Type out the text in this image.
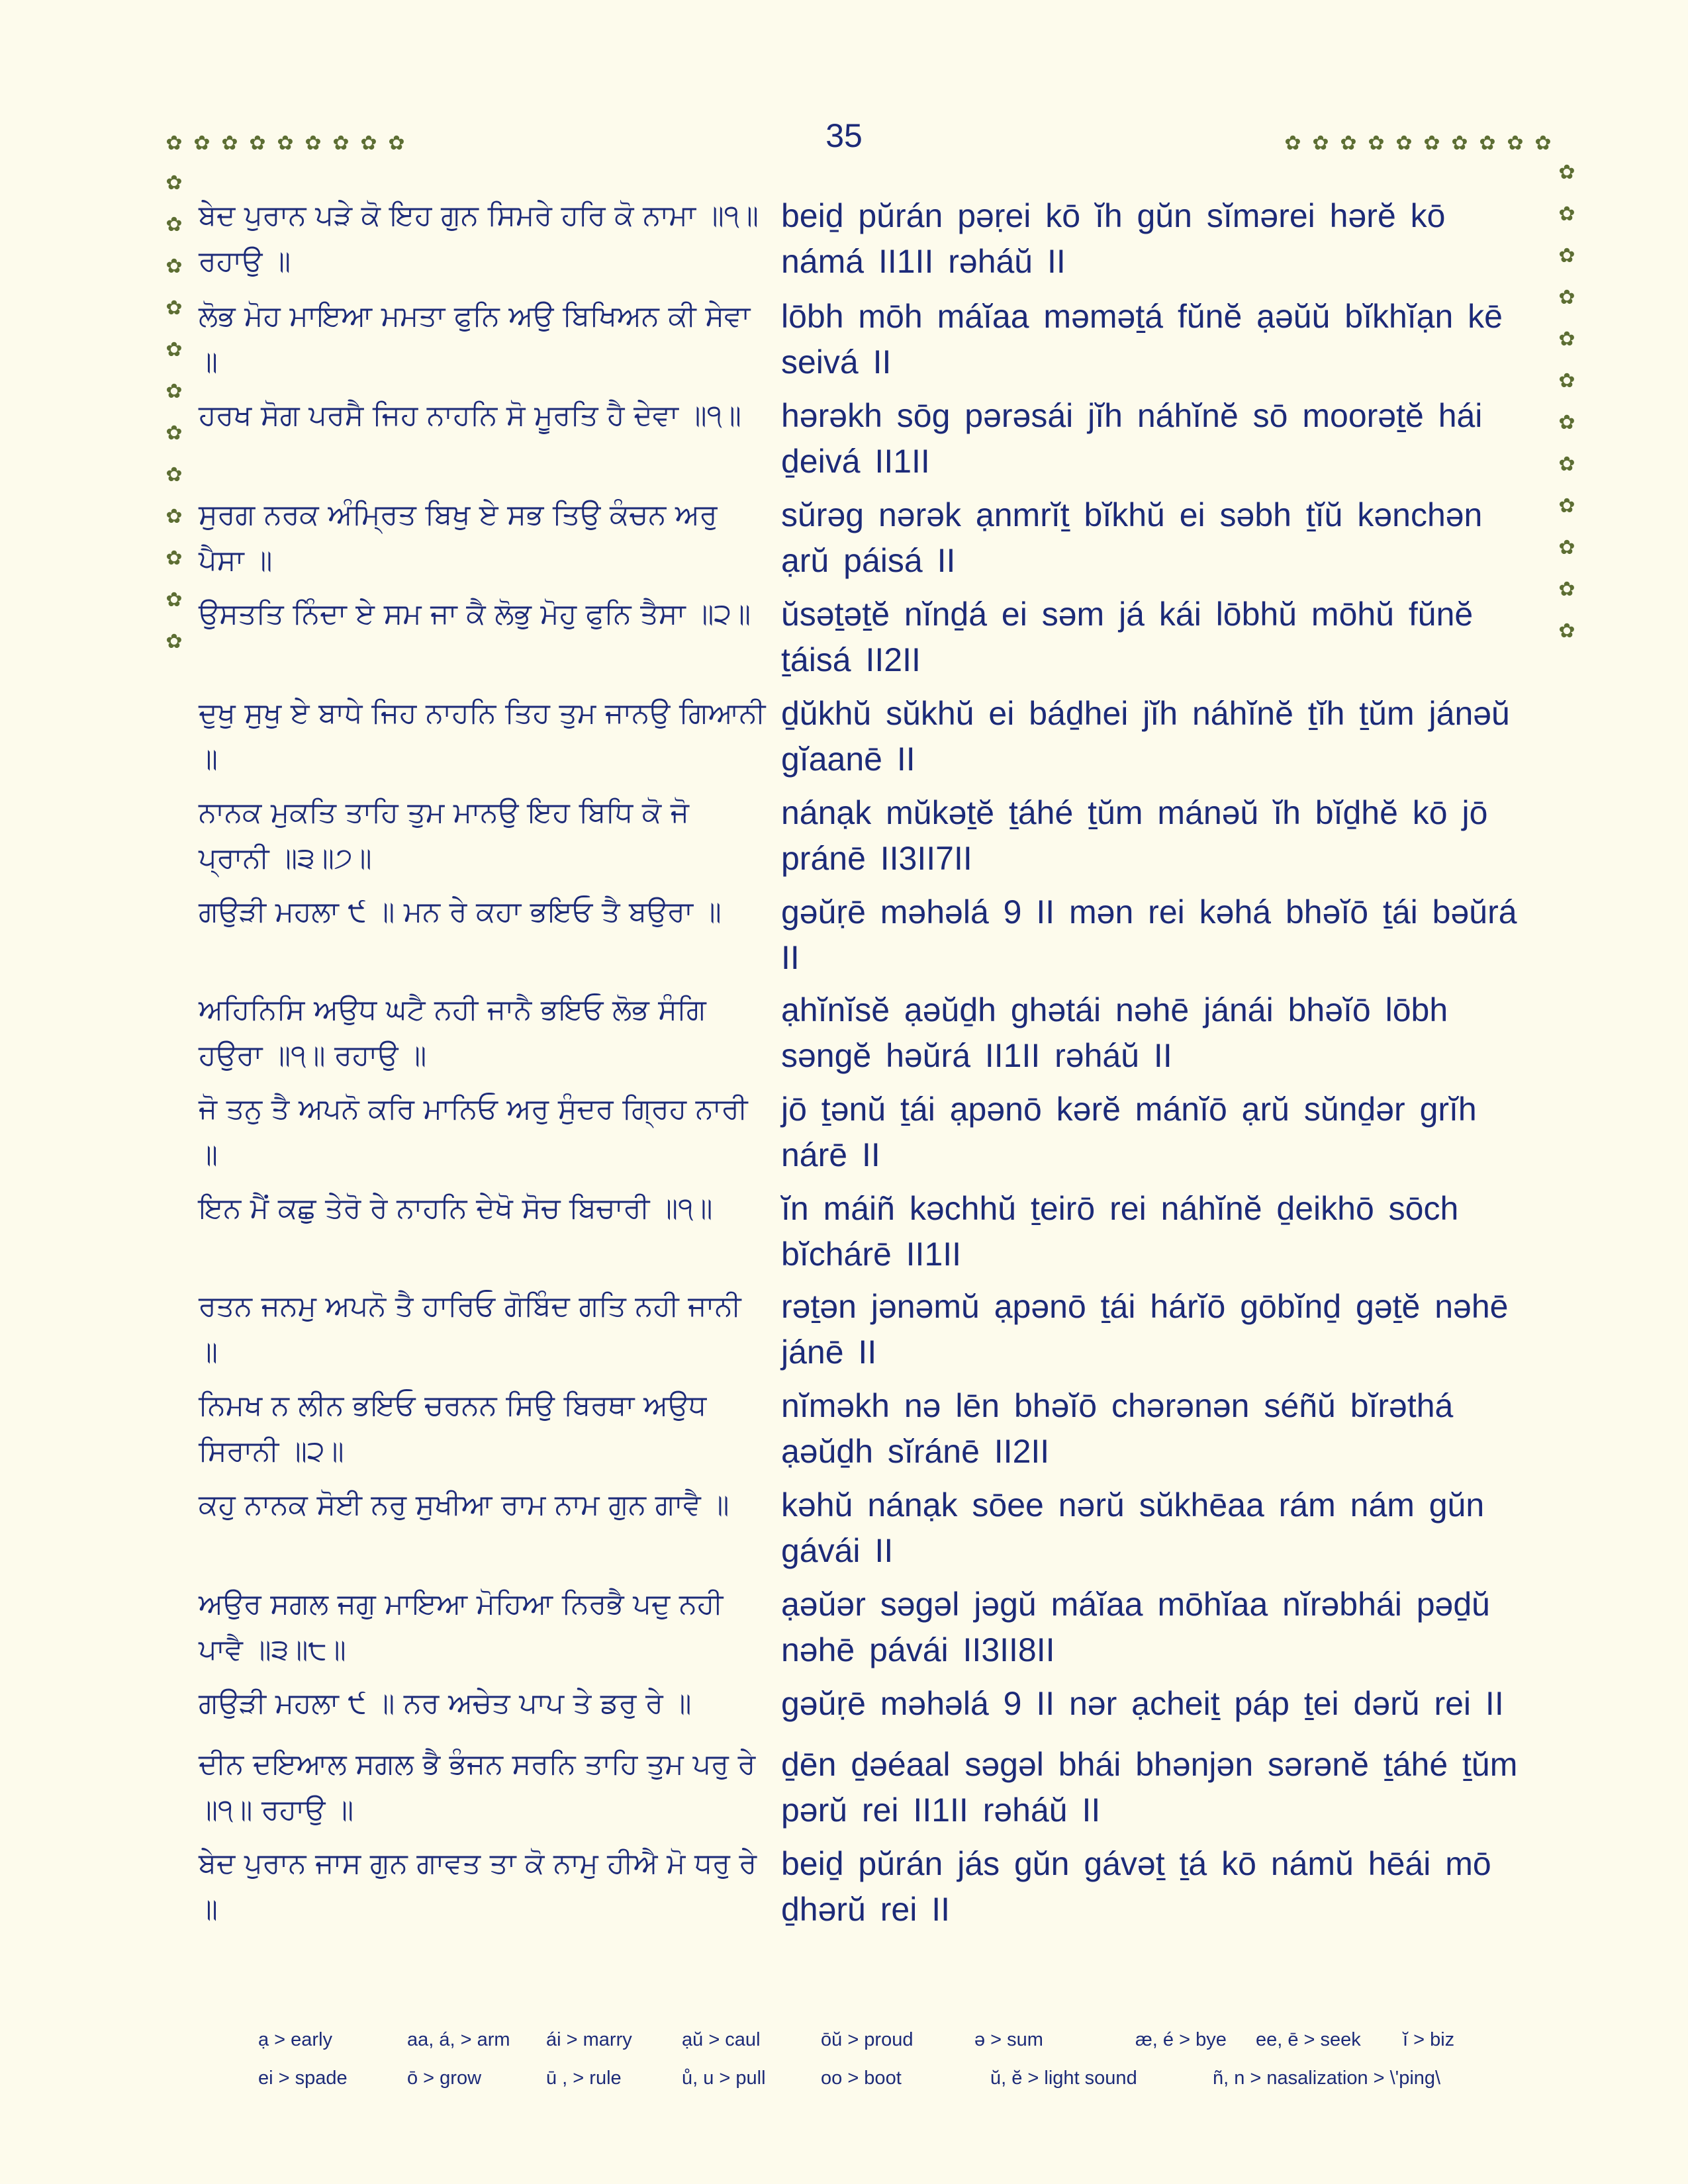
35
✿ ✿ ✿ ✿ ✿ ✿ ✿ ✿ ✿	✿ ✿ ✿ ✿ ✿ ✿ ✿ ✿ ✿ ✿
✿
✿
✿
✿
✿
✿
✿
✿
✿
✿
✿
✿
✿
✿
✿
✿
✿
✿
✿
✿
✿
✿
✿
✿
ਬੇਦ ਪੁਰਾਨ ਪੜੇ ਕੋ ਇਹ ਗੁਨ ਸਿਮਰੇ ਹਰਿ ਕੋ ਨਾਮਾ ॥੧॥ ਰਹਾਉ ॥
beiḏ pŭrán pəṛei kō ĭh gŭn sĭmərei hərĕ kō námá II1II rəháŭ II
ਲੋਭ ਮੋਹ ਮਾਇਆ ਮਮਤਾ ਫੁਨਿ ਅਉ ਬਿਖਿਅਨ ਕੀ ਸੇਵਾ ॥
lōbh mōh máĭaa məməṯá fŭnĕ ạəŭŭ bĭkhĭạn kē seivá II
ਹਰਖ ਸੋਗ ਪਰਸੈ ਜਿਹ ਨਾਹਨਿ ਸੋ ਮੂਰਤਿ ਹੈ ਦੇਵਾ ॥੧॥	hərəkh sōg pərəsái jĭh náhĭnĕ sō moorəṯĕ hái ḏeivá II1II
ਸੁਰਗ ਨਰਕ ਅੰਮ੍ਰਿਤ ਬਿਖੁ ਏ ਸਭ ਤਿਉ ਕੰਚਨ ਅਰੁ ਪੈਸਾ ॥
sŭrəg nərək ạnmrĭṯ bĭkhŭ ei səbh ṯĭŭ kənchən ạrŭ páisá II
ਉਸਤਤਿ ਨਿੰਦਾ ਏ ਸਮ ਜਾ ਕੈ ਲੋਭੁ ਮੋਹੁ ਫੁਨਿ ਤੈਸਾ ॥੨॥ ŭsəṯəṯĕ nĭnḏá ei səm já kái lōbhŭ mōhŭ fŭnĕ ṯáisá II2II
ਦੁਖੁ ਸੁਖੁ ਏ ਬਾਧੇ ਜਿਹ ਨਾਹਨਿ ਤਿਹ ਤੁਮ ਜਾਨਉ ਗਿਆਨੀ ॥
ḏŭkhŭ sŭkhŭ ei báḏhei jĭh náhĭnĕ ṯĭh ṯŭm jánəŭ gĭaanē II
ਨਾਨਕ ਮੁਕਤਿ ਤਾਹਿ ਤੁਮ ਮਾਨਉ ਇਹ ਬਿਧਿ ਕੋ ਜੋ ਪ੍ਰਾਨੀ ॥੩॥੭॥
nánạk mŭkəṯĕ ṯáhé ṯŭm mánəŭ ĭh bĭḏhĕ kō jō pránē II3II7II
ਗਉੜੀ ਮਹਲਾ ੯ ॥ ਮਨ ਰੇ ਕਹਾ ਭਇਓ ਤੈ ਬਉਰਾ ॥	gəŭṛē məhəlá 9 II mən rei kəhá bhəĭō ṯái bəŭrá II
ਅਹਿਨਿਸਿ ਅਉਧ ਘਟੈ ਨਹੀ ਜਾਨੈ ਭਇਓ ਲੋਭ ਸੰਗਿ ਹਉਰਾ ॥੧॥ ਰਹਾਉ ॥
ạhĭnĭsĕ ạəŭḏh ghətái nəhē jánái bhəĭō lōbh səngĕ həŭrá II1II rəháŭ II
ਜੋ ਤਨੁ ਤੈ ਅਪਨੋ ਕਰਿ ਮਾਨਿਓ ਅਰੁ ਸੁੰਦਰ ਗ੍ਰਿਹ ਨਾਰੀ ॥
jō ṯənŭ ṯái ạpənō kərĕ mánĭō ạrŭ sŭnḏər grĭh nárē II
ਇਨ ਮੈਂ ਕਛੁ ਤੇਰੋ ਰੇ ਨਾਹਨਿ ਦੇਖੋ ਸੋਚ ਬਿਚਾਰੀ ॥੧॥	ĭn máiñ kəchhŭ ṯeirō rei náhĭnĕ ḏeikhō sōch bĭchárē II1II
ਰਤਨ ਜਨਮੁ ਅਪਨੋ ਤੈ ਹਾਰਿਓ ਗੋਬਿੰਦ ਗਤਿ ਨਹੀ ਜਾਨੀ ॥
rəṯən jənəmŭ ạpənō ṯái hárĭō gōbĭnḏ gəṯĕ nəhē jánē II
ਨਿਮਖ ਨ ਲੀਨ ਭਇਓ ਚਰਨਨ ਸਿਉ ਬਿਰਥਾ ਅਉਧ ਸਿਰਾਨੀ ॥੨॥
nĭməkh nə lēn bhəĭō chərənən séñŭ bĭrəthá ạəŭḏh sĭránē II2II
ਕਹੁ ਨਾਨਕ ਸੋਈ ਨਰੁ ਸੁਖੀਆ ਰਾਮ ਨਾਮ ਗੁਨ ਗਾਵੈ ॥	kəhŭ nánạk sōee nərŭ sŭkhēaa rám nám gŭn gávái II
ਅਉਰ ਸਗਲ ਜਗੁ ਮਾਇਆ ਮੋਹਿਆ ਨਿਰਭੈ ਪਦੁ ਨਹੀ ਪਾਵੈ ॥੩॥੮॥
ạəŭər səgəl jəgŭ máĭaa mōhĭaa nĭrəbhái pəḏŭ nəhē pávái II3II8II
ਗਉੜੀ ਮਹਲਾ ੯ ॥ ਨਰ ਅਚੇਤ ਪਾਪ ਤੇ ਡਰੁ ਰੇ ॥	gəŭṛē məhəlá 9 II nər ạcheiṯ páp ṯei dərŭ rei II
ਦੀਨ ਦਇਆਲ ਸਗਲ ਭੈ ਭੰਜਨ ਸਰਨਿ ਤਾਹਿ ਤੁਮ ਪਰੁ ਰੇ ॥੧॥ ਰਹਾਉ ॥
ḏēn ḏəéaal səgəl bhái bhənjən sərənĕ ṯáhé ṯŭm pərŭ rei II1II rəháŭ II
ਬੇਦ ਪੁਰਾਨ ਜਾਸ ਗੁਨ ਗਾਵਤ ਤਾ ਕੋ ਨਾਮੁ ਹੀਐ ਮੋ ਧਰੁ ਰੇ ॥
beiḏ pŭrán jás gŭn gávəṯ ṯá kō námŭ hēái mō ḏhərŭ rei II
ạ > early	aa, á, > arm	ái > marry	ạŭ > caul	ōŭ > proud	ə > sum	æ, é > bye	ee, ē > seek	ĭ > biz
ei > spade	ō > grow	ū , > rule	ů, u > pull	oo > boot	ŭ, ĕ > light sound	ñ, n > nasalization > \'ping\
